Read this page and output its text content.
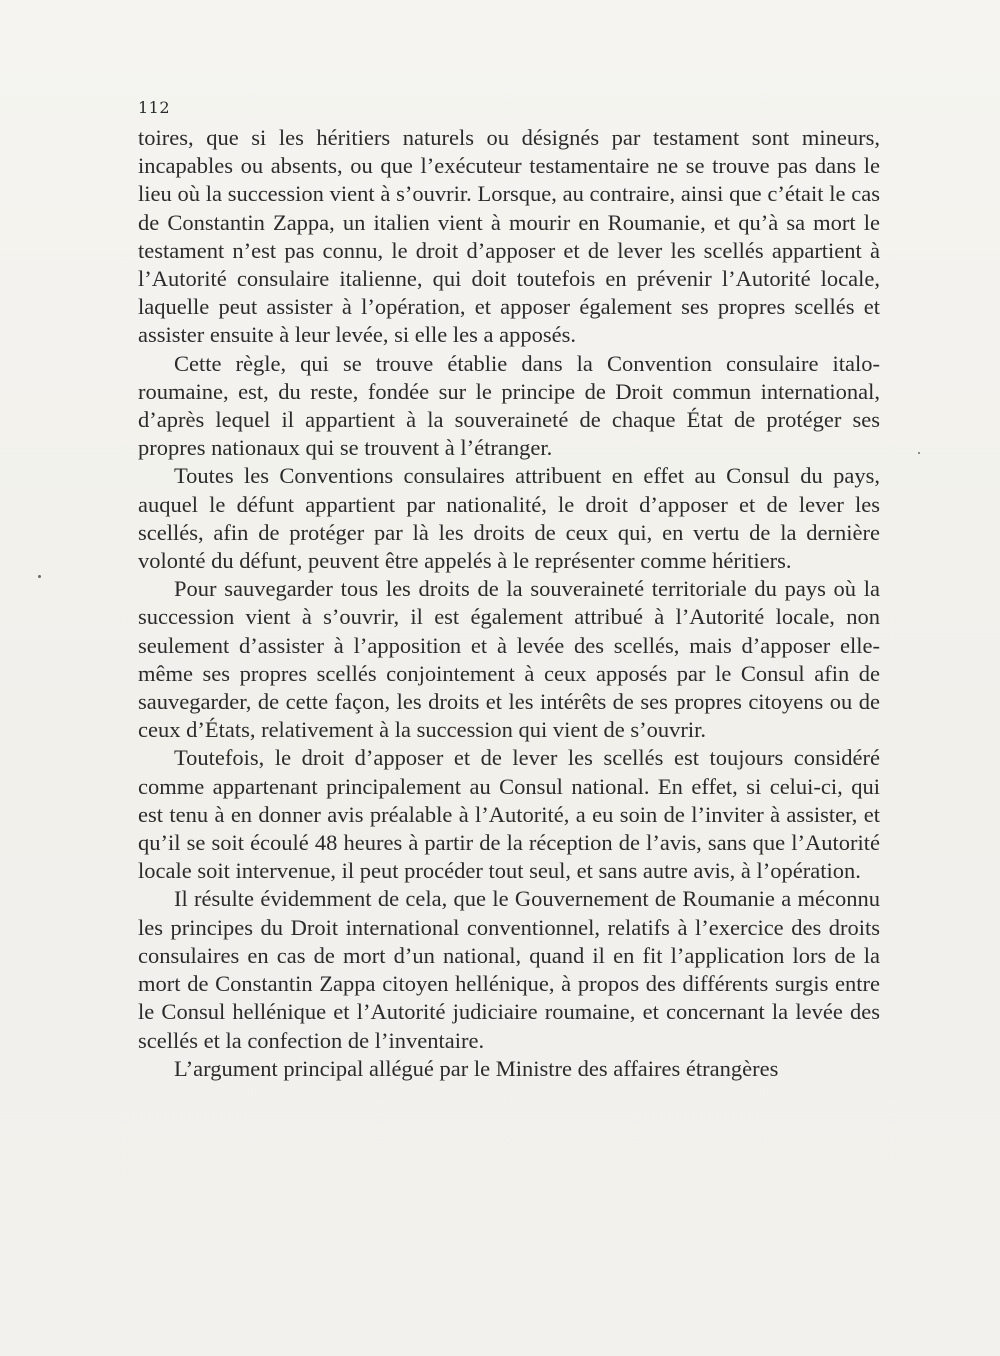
112

toires, que si les héritiers naturels ou désignés par testament sont mineurs, incapables ou absents, ou que l’exécuteur testamentaire ne se trouve pas dans le lieu où la succession vient à s’ouvrir. Lorsque, au contraire, ainsi que c’était le cas de Constantin Zappa, un italien vient à mourir en Roumanie, et qu’à sa mort le testament n’est pas connu, le droit d’apposer et de lever les scellés appartient à l’Autorité consulaire italienne, qui doit toutefois en prévenir l’Autorité locale, laquelle peut assister à l’opération, et apposer également ses propres scellés et assister ensuite à leur levée, si elle les a apposés.

Cette règle, qui se trouve établie dans la Convention consulaire italo-roumaine, est, du reste, fondée sur le principe de Droit commun international, d’après lequel il appartient à la souveraineté de chaque État de protéger ses propres nationaux qui se trouvent à l’étranger.

Toutes les Conventions consulaires attribuent en effet au Consul du pays, auquel le défunt appartient par nationalité, le droit d’apposer et de lever les scellés, afin de protéger par là les droits de ceux qui, en vertu de la dernière volonté du défunt, peuvent être appelés à le représenter comme héritiers.

Pour sauvegarder tous les droits de la souveraineté territoriale du pays où la succession vient à s’ouvrir, il est également attribué à l’Autorité locale, non seulement d’assister à l’apposition et à levée des scellés, mais d’apposer elle-même ses propres scellés conjointement à ceux apposés par le Consul afin de sauvegarder, de cette façon, les droits et les intérêts de ses propres citoyens ou de ceux d’États, relativement à la succession qui vient de s’ouvrir.

Toutefois, le droit d’apposer et de lever les scellés est toujours considéré comme appartenant principalement au Consul national. En effet, si celui-ci, qui est tenu à en donner avis préalable à l’Autorité, a eu soin de l’inviter à assister, et qu’il se soit écoulé 48 heures à partir de la réception de l’avis, sans que l’Autorité locale soit intervenue, il peut procéder tout seul, et sans autre avis, à l’opération.

Il résulte évidemment de cela, que le Gouvernement de Roumanie a méconnu les principes du Droit international conventionnel, relatifs à l’exercice des droits consulaires en cas de mort d’un national, quand il en fit l’application lors de la mort de Constantin Zappa citoyen hellénique, à propos des différents surgis entre le Consul hellénique et l’Autorité judiciaire roumaine, et concernant la levée des scellés et la confection de l’inventaire.

L’argument principal allégué par le Ministre des affaires étrangères
